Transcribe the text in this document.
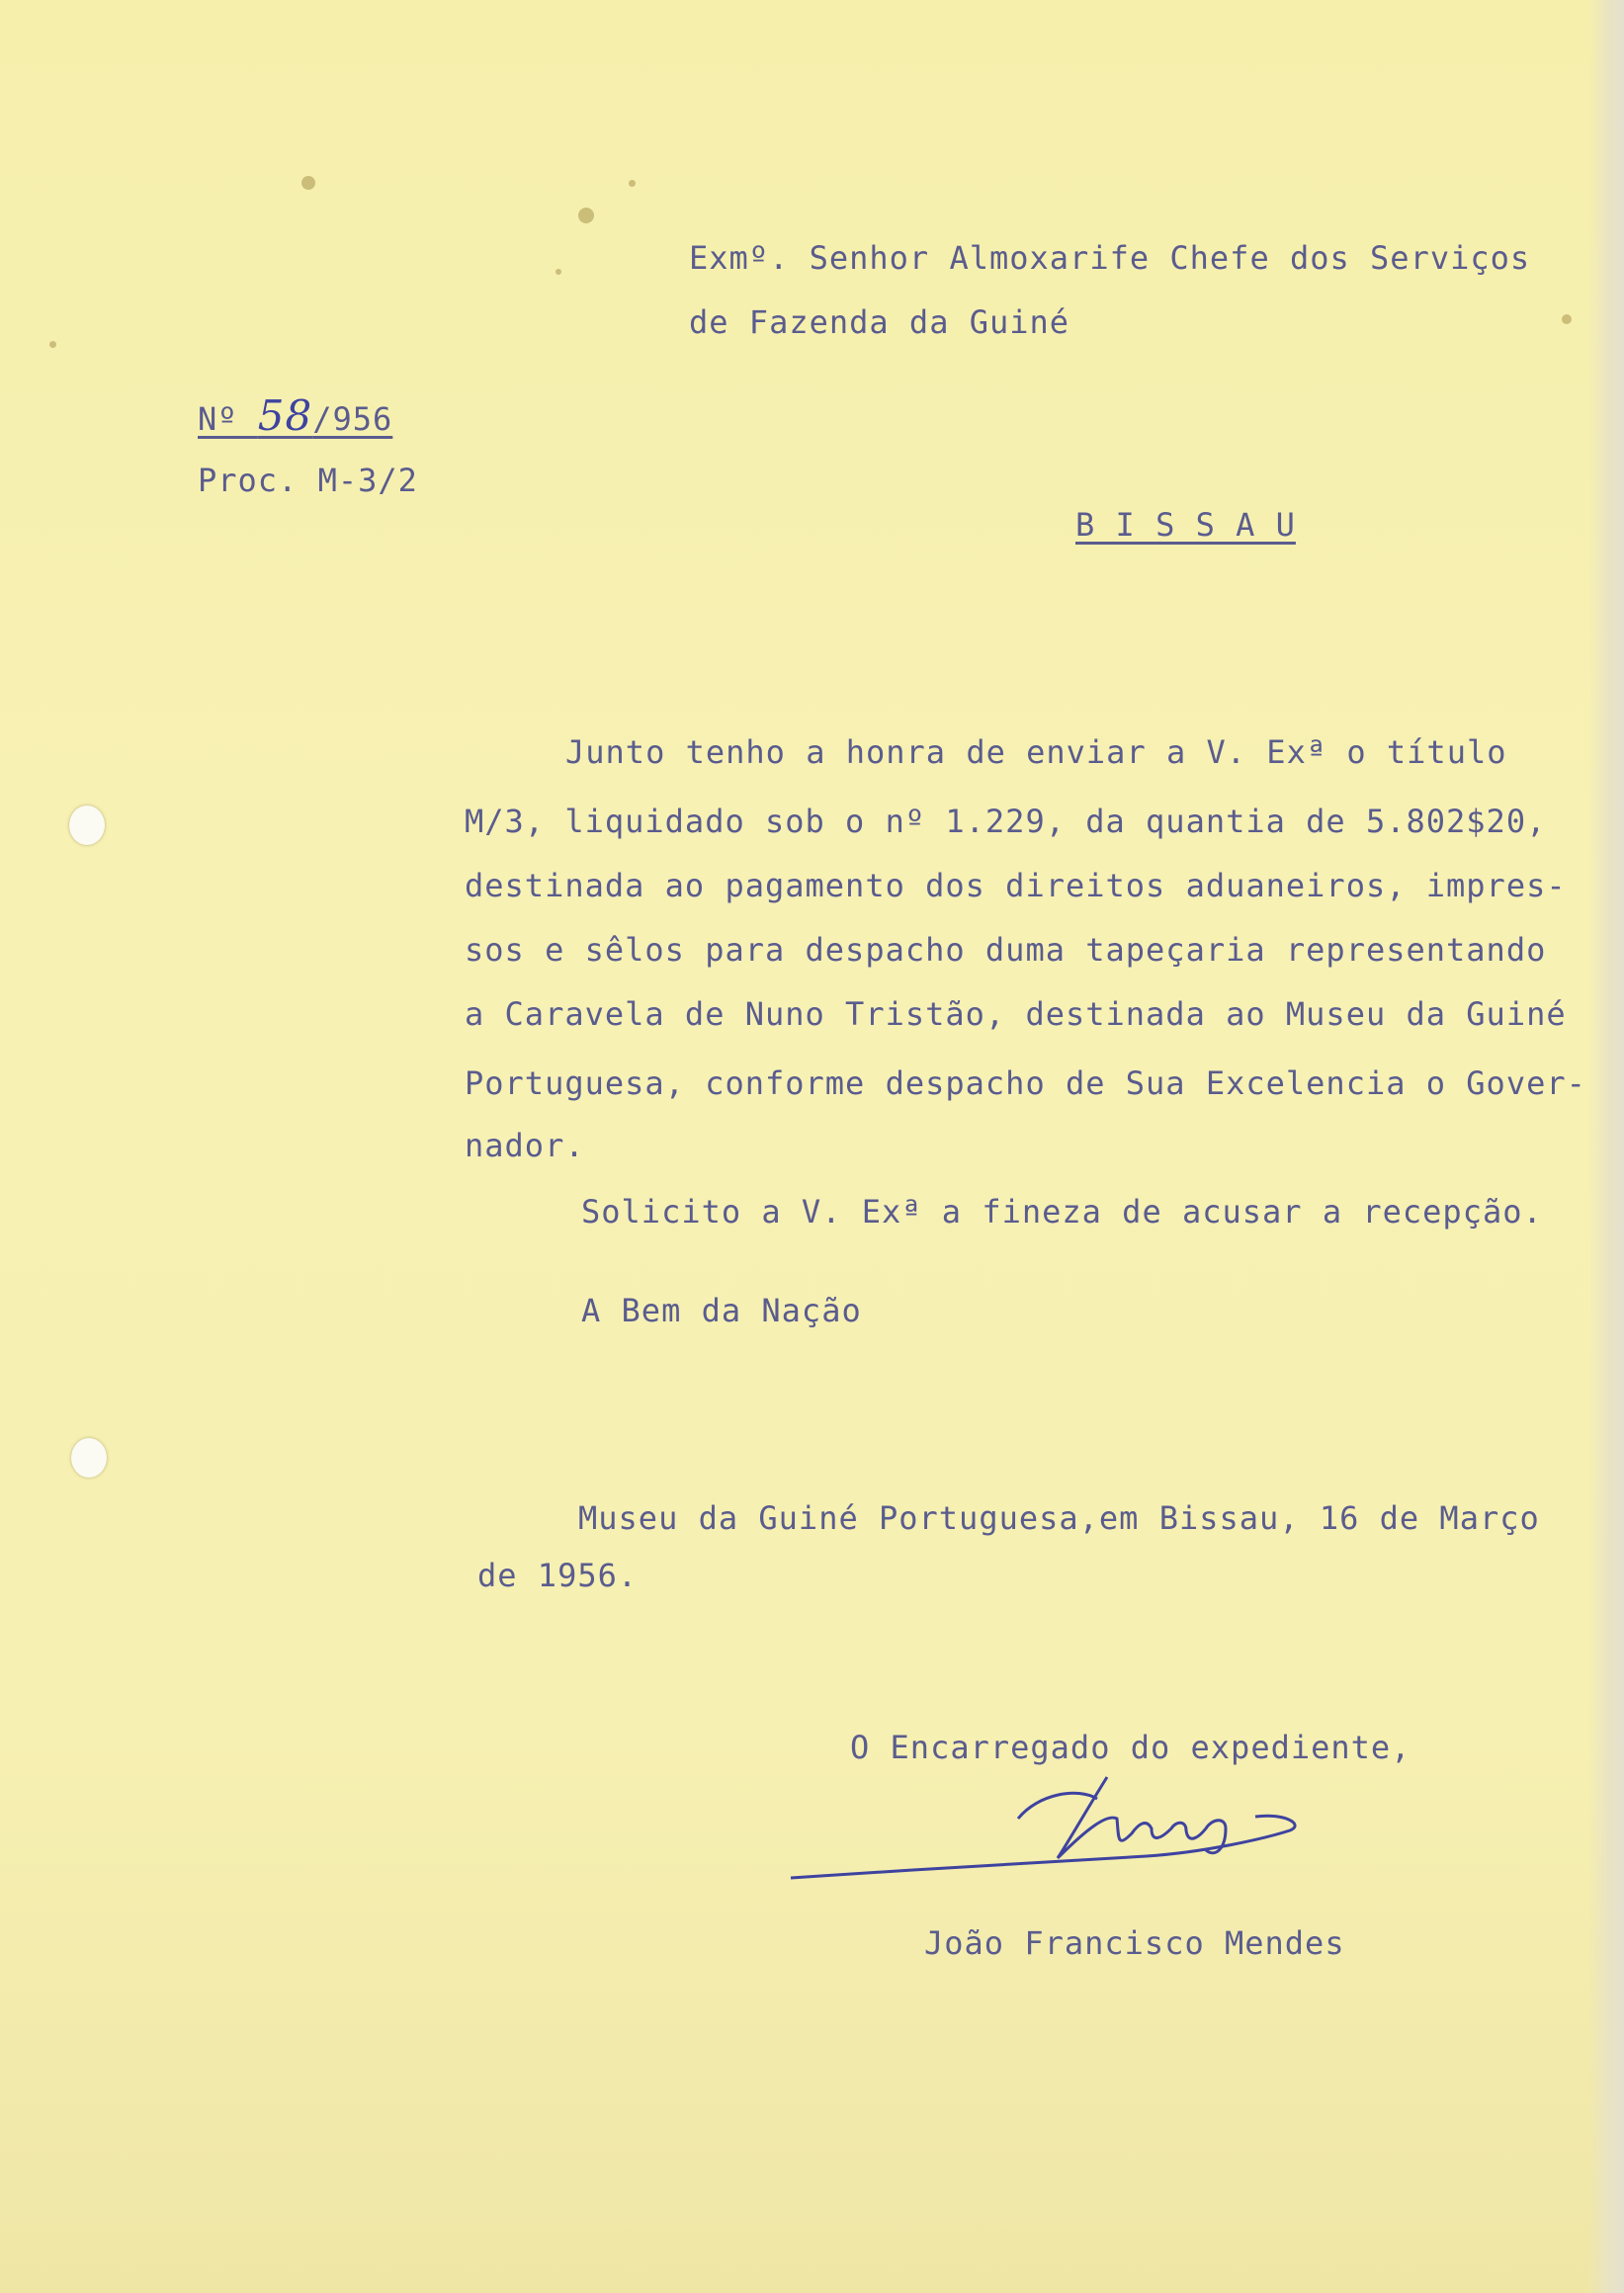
Exmº. Senhor Almoxarife Chefe dos Serviços
de Fazenda da Guiné
Nº 58/956
Proc. M-3/2
B I S S A U
Junto tenho a honra de enviar a V. Exª o título
M/3, liquidado sob o nº 1.229, da quantia de 5.802$20,
destinada ao pagamento dos direitos aduaneiros, impres-
sos e sêlos para despacho duma tapeçaria representando
a Caravela de Nuno Tristão, destinada ao Museu da Guiné
Portuguesa, conforme despacho de Sua Excelencia o Gover-
nador.
Solicito a V. Exª a fineza de acusar a recepção.
A Bem da Nação
Museu da Guiné Portuguesa,em Bissau, 16 de Março
de 1956.
O Encarregado do expediente,
João Francisco Mendes
